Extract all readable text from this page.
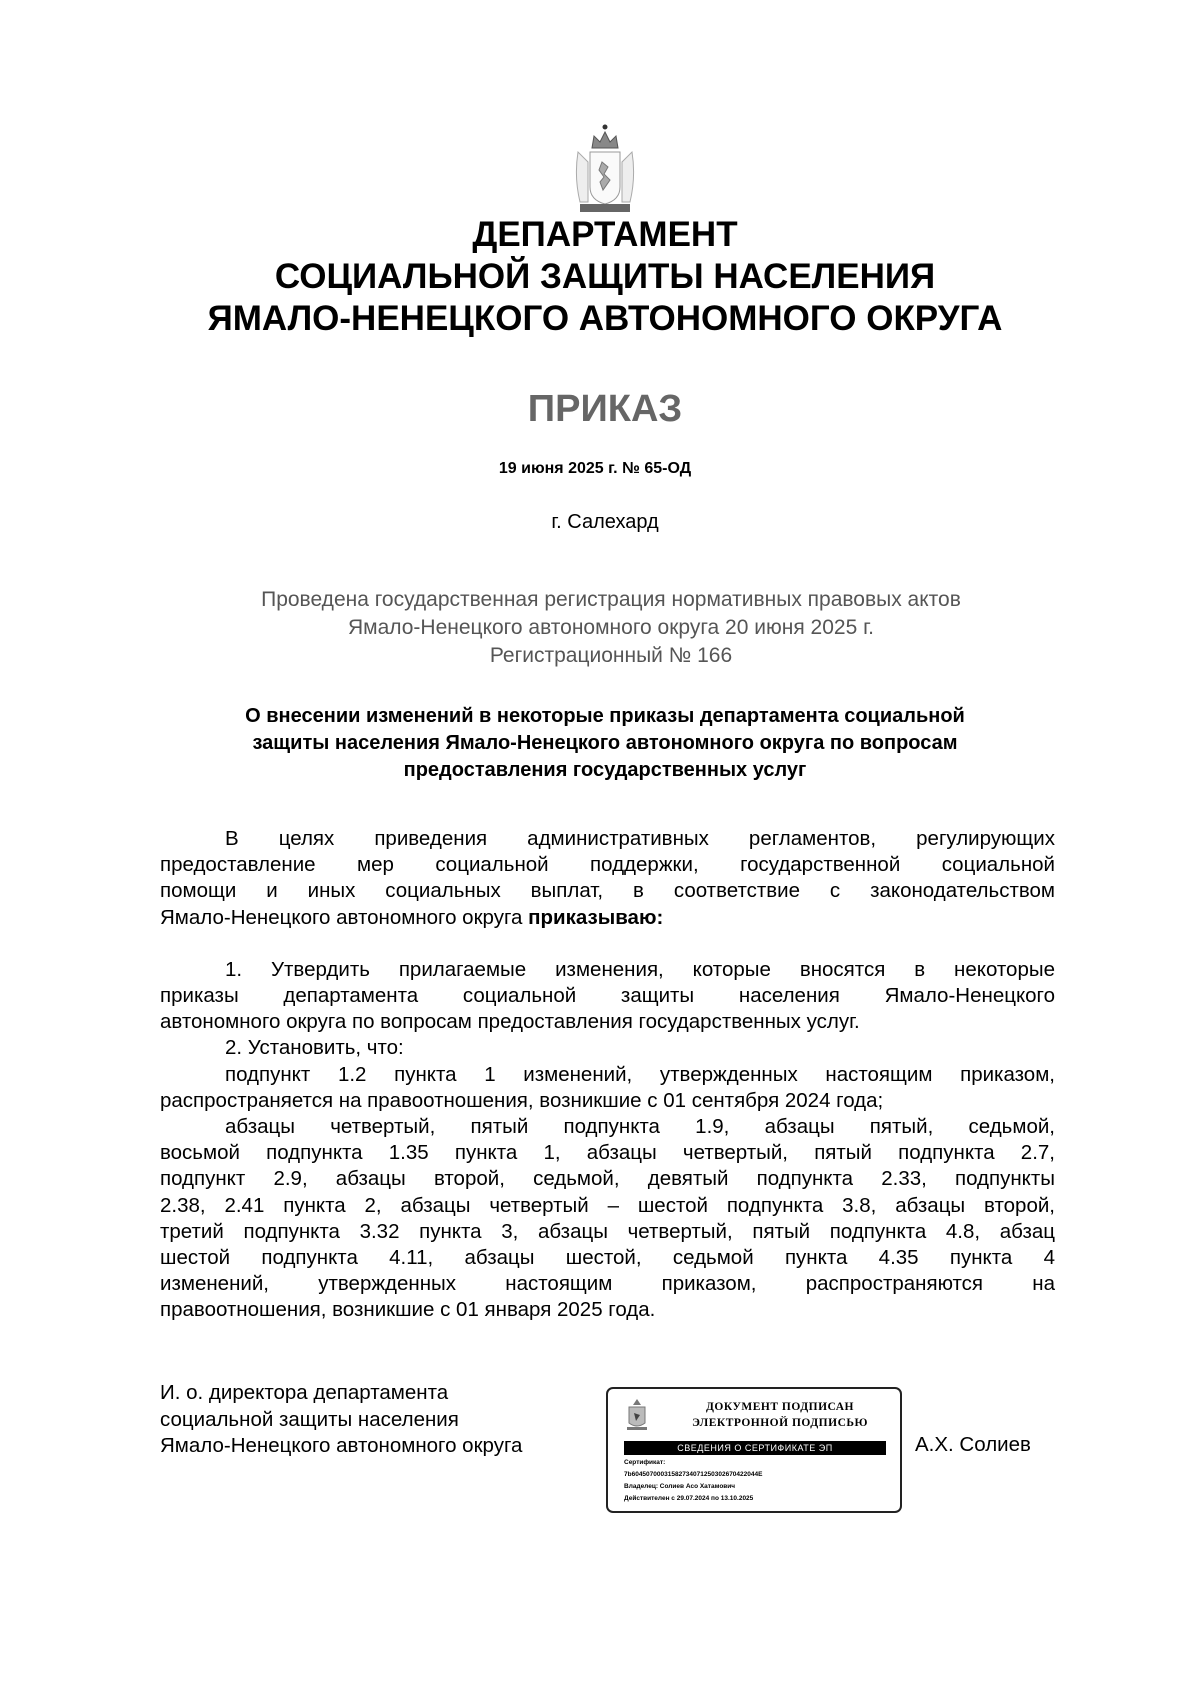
ДЕПАРТАМЕНТ
СОЦИАЛЬНОЙ ЗАЩИТЫ НАСЕЛЕНИЯ
ЯМАЛО-НЕНЕЦКОГО АВТОНОМНОГО ОКРУГА
ПРИКАЗ
19 июня 2025 г. № 65-ОД
г. Салехард
Проведена государственная регистрация нормативных правовых актов
Ямало-Ненецкого автономного округа 20 июня 2025 г.
Регистрационный № 166
О внесении изменений в некоторые приказы департамента социальной
защиты населения Ямало-Ненецкого автономного округа по вопросам
предоставления государственных услуг
В целях приведения административных регламентов, регулирующих
предоставление мер социальной поддержки, государственной социальной
помощи и иных социальных выплат, в соответствие с законодательством
Ямало-Ненецкого автономного округа приказываю:
1. Утвердить прилагаемые изменения, которые вносятся в некоторые
приказы департамента социальной защиты населения Ямало-Ненецкого
автономного округа по вопросам предоставления государственных услуг.
2. Установить, что:
подпункт 1.2 пункта 1 изменений, утвержденных настоящим приказом,
распространяется на правоотношения, возникшие с 01 сентября 2024 года;
абзацы четвертый, пятый подпункта 1.9, абзацы пятый, седьмой,
восьмой подпункта 1.35 пункта 1, абзацы четвертый, пятый подпункта 2.7,
подпункт 2.9, абзацы второй, седьмой, девятый подпункта 2.33, подпункты
2.38, 2.41 пункта 2, абзацы четвертый – шестой подпункта 3.8, абзацы второй,
третий подпункта 3.32 пункта 3, абзацы четвертый, пятый подпункта 4.8, абзац
шестой подпункта 4.11, абзацы шестой, седьмой пункта 4.35 пункта 4
изменений, утвержденных настоящим приказом, распространяются на
правоотношения, возникшие с 01 января 2025 года.
И. о. директора департамента
социальной защиты населения
Ямало-Ненецкого автономного округа
ДОКУМЕНТ ПОДПИСАН
ЭЛЕКТРОННОЙ ПОДПИСЬЮ
СВЕДЕНИЯ О СЕРТИФИКАТЕ ЭП
Сертификат:
7b60450700031582734071250302670422044E
Владелец: Солиев Асо Хатамович
Действителен с 29.07.2024 по 13.10.2025
А.Х. Солиев
